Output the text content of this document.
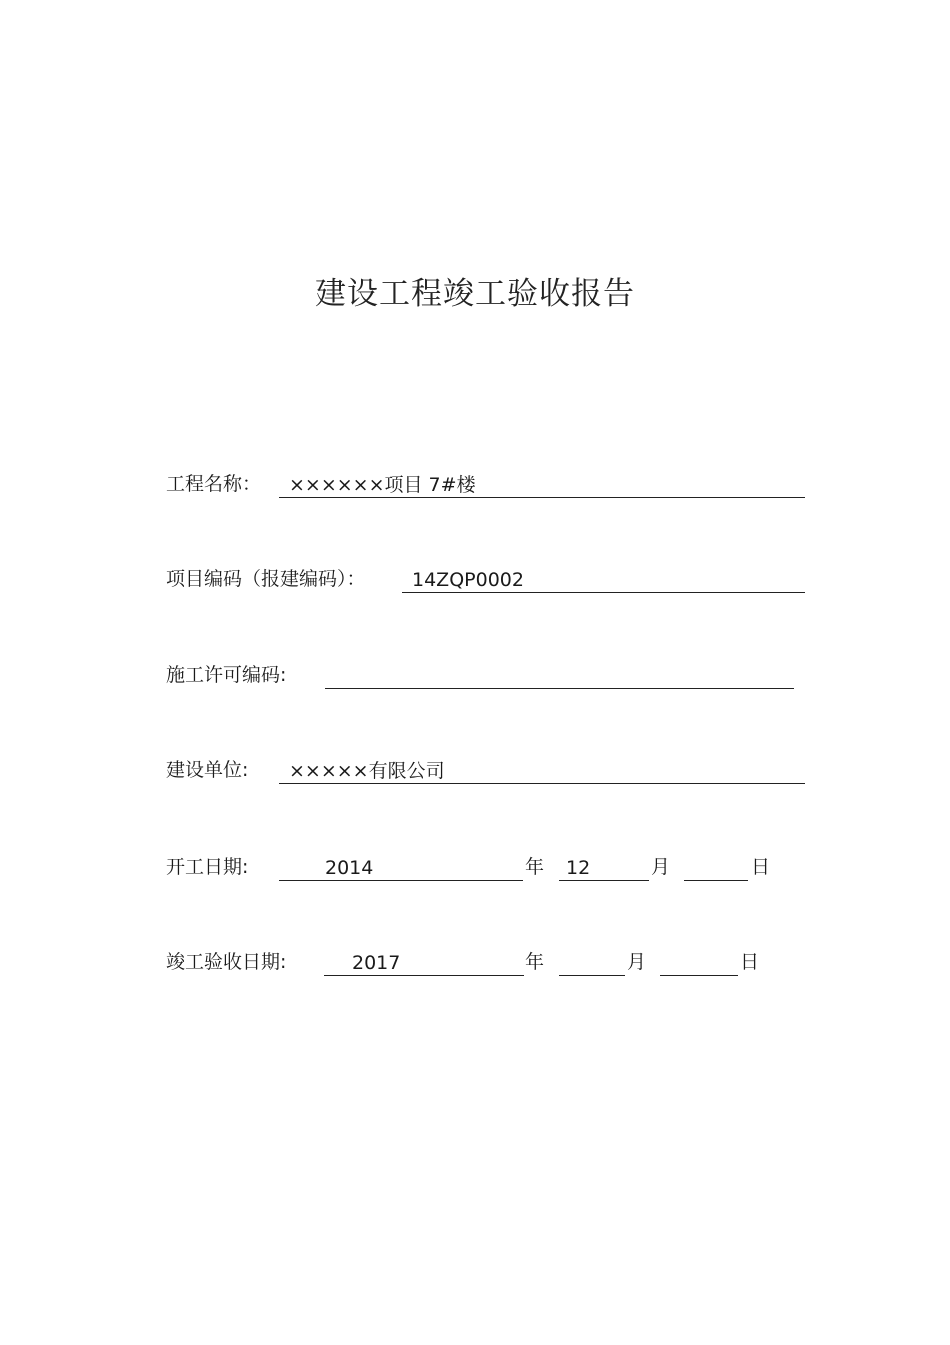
建设工程竣工验收报告
工程名称： ××××××项目 7#楼
项目编码（报建编码）： 14ZQP0002
施工许可编码:
建设单位: ×××××有限公司
开工日期:	2014	年 12	月	日
竣工验收日期:	2017	年	月	日
